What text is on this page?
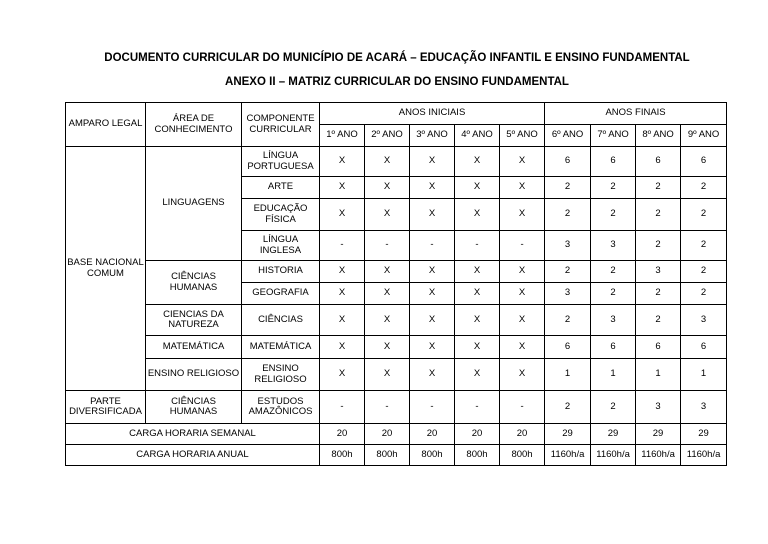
DOCUMENTO CURRICULAR DO MUNICÍPIO DE ACARÁ – EDUCAÇÃO INFANTIL E ENSINO FUNDAMENTAL
ANEXO II – MATRIZ CURRICULAR DO ENSINO FUNDAMENTAL
AMPARO LEGAL	ÁREA DE CONHECIMENTO	COMPONENTE CURRICULAR	ANOS INICIAIS					ANOS FINAIS			
			1º ANO	2º ANO	3º ANO	4º ANO	5º ANO	6º ANO	7º ANO	8º ANO	9º ANO
BASE NACIONAL COMUM	LINGUAGENS	LÍNGUA PORTUGUESA	X	X	X	X	X	6	6	6	6
		ARTE	X	X	X	X	X	2	2	2	2
		EDUCAÇÃO FÍSICA	X	X	X	X	X	2	2	2	2
		LÍNGUA INGLESA	-	-	-	-	-	3	3	2	2
	CIÊNCIAS HUMANAS	HISTORIA	X	X	X	X	X	2	2	3	2
		GEOGRAFIA	X	X	X	X	X	3	2	2	2
	CIENCIAS DA NATUREZA	CIÊNCIAS	X	X	X	X	X	2	3	2	3
	MATEMÁTICA	MATEMÁTICA	X	X	X	X	X	6	6	6	6
	ENSINO RELIGIOSO	ENSINO RELIGIOSO	X	X	X	X	X	1	1	1	1
PARTE DIVERSIFICADA	CIÊNCIAS HUMANAS	ESTUDOS AMAZÔNICOS	-	-	-	-	-	2	2	3	3
CARGA HORARIA SEMANAL			20	20	20	20	20	29	29	29	29
CARGA HORARIA ANUAL			800h	800h	800h	800h	800h	1160h/a	1160h/a	1160h/a	1160h/a
